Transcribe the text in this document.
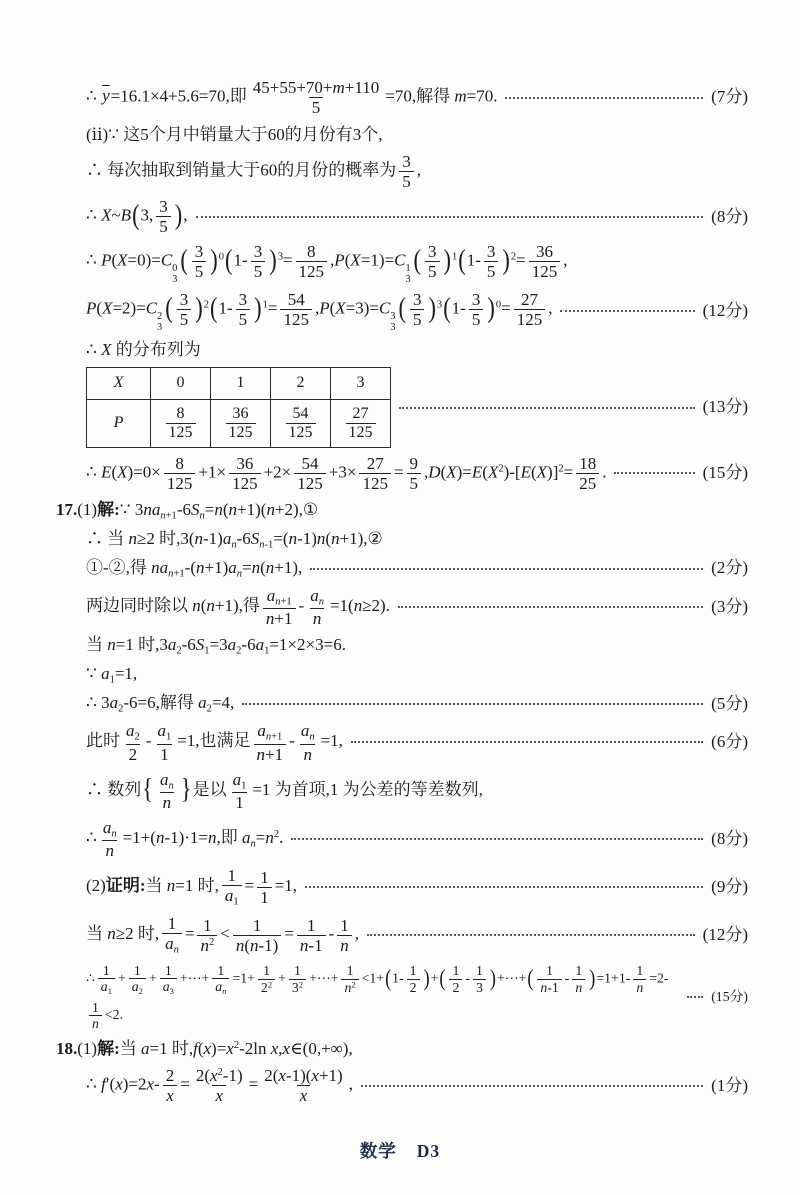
∴ $\overline{y}=16.1\times 4+5.6=70$,即 $\frac{45+55+70+m+110}{5} =70$,解得 m=70.	(7分)
(ⅱ)∵ 这5个月中销量大于60的月份有3个,
∴ 每次抽取到销量大于60的月份的概率为 $\frac{3}{5}$ ,
∴ X~B(3, $\frac{3}{5}$ ),	(8分)
∴ P(X=0)=C 0
3
( $\frac{3}{5} )^0(1- \frac{3}{5} )^3= \frac{8}{125} ,P(X=1)=C$ 1
3
( $\frac{3}{5} )^1(1- \frac{3}{5} )^2= \frac{36}{125}$ ,
P(X=2)=C 2
3
( $\frac{3}{5} )^2(1- \frac{3}{5} )^1= \frac{54}{125} ,P(X=3)=C$ 3
3
( $\frac{3}{5} )^3(1- \frac{3}{5} )^0= \frac{27}{125}$ ,	(12分)
∴ X 的分布列为
X	0	1	2	3
P	$\frac{8}{125}$	$\frac{36}{125}$	$\frac{54}{125}$	$\frac{27}{125}$	(13分)
∴ $E(X)=0\times \frac{8}{125} +1\times \frac{36}{125} +2\times \frac{54}{125} +3\times \frac{27}{125} = \frac{9}{5} ,D(X)=E(X^2)-[E(X)]^2= \frac{18}{25}$ .	(15分)
17.(1)解:∵ $3na_{n+1}-6S_n=n(n+1)(n+2),①$
∴ 当 n≥2 时$,3(n-1)a_n-6S_{n-1}=(n-1)n(n+1),②$
①-②,得 $na_{n+1}-(n+1)a_n=n(n+1)$,	(2分)
两边同时除以 n(n+1),得 $\frac{a_{n+1}}{n+1} - \frac{a_n}{n} =1(n\ge 2)$.	(3分)
当 n=1 时$,3a_2-6S_1=3a_2-6a_1=1\times 2\times 3=6$.
∵ $a_1=1$,
∴ $3a_2-6=6$,解得 $a_2=4$,	(5分)
此时 $\frac{a_2}{2} - \frac{a_1}{1} =1$,也满足 $\frac{a_{n+1}}{n+1} - \frac{a_n}{n} =1$,	(6分)
∴ 数列{ $\frac{a_n}{n}$ }是以 $\frac{a_1}{1} =1$ 为首项,1 为公差的等差数列,
∴ $\frac{a_n}{n} =1+(n-1)\cdot 1=n$,即 $a_n=n^2$.	(8分)
(2)证明:当 n=1 时, $\frac{1}{a_1} = \frac{1}{1} =1$,	(9分)
当 n≥2 时, $\frac{1}{a_n} = \frac{1}{n^2} < \frac{1}{n(n-1)} = \frac{1}{n-1} - \frac{1}{n}$ ,	(12分)
∴ $\frac{1}{a_1} + \frac{1}{a_2} + \frac{1}{a_3}$ +⋯+ $\frac{1}{a_n} =1+ \frac{1}{2^2} + \frac{1}{3^2}$ +⋯+ $\frac{1}{n^2} <1+(1- \frac{1}{2}$ )+( $\frac{1}{2} - \frac{1}{3}$ )+⋯+( $\frac{1}{n-1} - \frac{1}{n} )=1+1- \frac{1}{n} =2-$
$\frac{1}{n} <2$.
(15分)
18.(1)解:当 a=1 时$,f(x)=x^2-2\ln$ x,x∈(0,+∞),
∴ $f'(x)=2x- \frac{2}{x} = \frac{2(x^2-1)}{x} = \frac{2(x-1)(x+1)}{x}$ ,	(1分)
数学 D3
